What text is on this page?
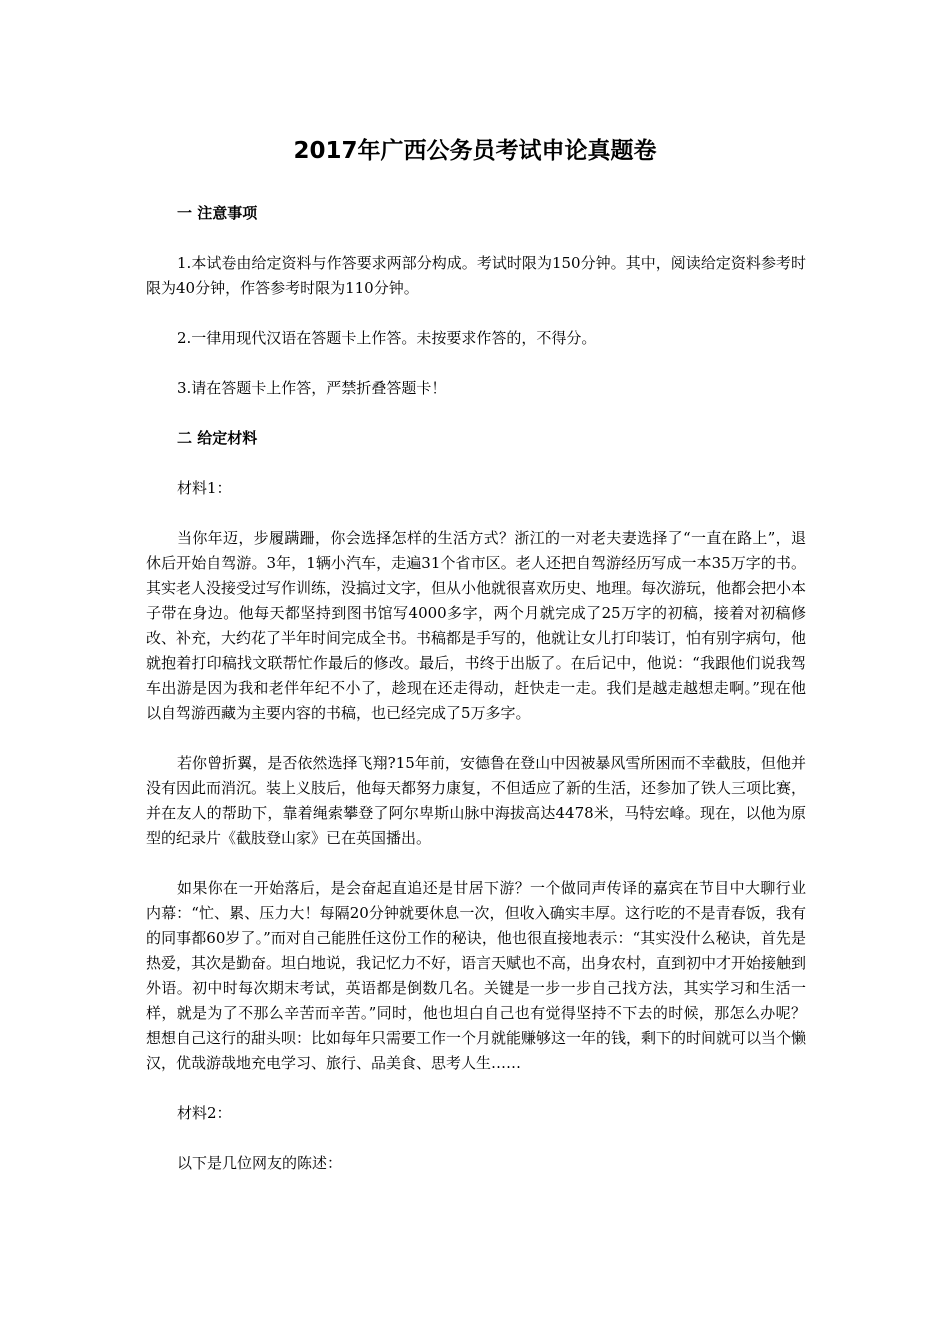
2017年广西公务员考试申论真题卷
一 注意事项

1.本试卷由给定资料与作答要求两部分构成。考试时限为150分钟。其中，阅读给定资料参考时限为40分钟，作答参考时限为110分钟。

2.一律用现代汉语在答题卡上作答。未按要求作答的，不得分。

3.请在答题卡上作答，严禁折叠答题卡！

二 给定材料

材料1：

当你年迈，步履蹒跚，你会选择怎样的生活方式？浙江的一对老夫妻选择了“一直在路上”，退休后开始自驾游。3年，1辆小汽车，走遍31个省市区。老人还把自驾游经历写成一本35万字的书。其实老人没接受过写作训练，没搞过文字，但从小他就很喜欢历史、地理。每次游玩，他都会把小本子带在身边。他每天都坚持到图书馆写4000多字，两个月就完成了25万字的初稿，接着对初稿修改、补充，大约花了半年时间完成全书。书稿都是手写的，他就让女儿打印装订，怕有别字病句，他就抱着打印稿找文联帮忙作最后的修改。最后，书终于出版了。在后记中，他说：“我跟他们说我驾车出游是因为我和老伴年纪不小了，趁现在还走得动，赶快走一走。我们是越走越想走啊。”现在他以自驾游西藏为主要内容的书稿，也已经完成了5万多字。

若你曾折翼，是否依然选择飞翔?15年前，安德鲁在登山中因被暴风雪所困而不幸截肢，但他并没有因此而消沉。装上义肢后，他每天都努力康复，不但适应了新的生活，还参加了铁人三项比赛，并在友人的帮助下，靠着绳索攀登了阿尔卑斯山脉中海拔高达4478米，马特宏峰。现在，以他为原型的纪录片《截肢登山家》已在英国播出。

如果你在一开始落后，是会奋起直追还是甘居下游？一个做同声传译的嘉宾在节目中大聊行业内幕：“忙、累、压力大！每隔20分钟就要休息一次，但收入确实丰厚。这行吃的不是青春饭，我有的同事都60岁了。”而对自己能胜任这份工作的秘诀，他也很直接地表示：“其实没什么秘诀，首先是热爱，其次是勤奋。坦白地说，我记忆力不好，语言天赋也不高，出身农村，直到初中才开始接触到外语。初中时每次期末考试，英语都是倒数几名。关键是一步一步自己找方法，其实学习和生活一样，就是为了不那么辛苦而辛苦。”同时，他也坦白自己也有觉得坚持不下去的时候，那怎么办呢？想想自己这行的甜头呗：比如每年只需要工作一个月就能赚够这一年的钱，剩下的时间就可以当个懒汉，优哉游哉地充电学习、旅行、品美食、思考人生……

材料2：

以下是几位网友的陈述：
